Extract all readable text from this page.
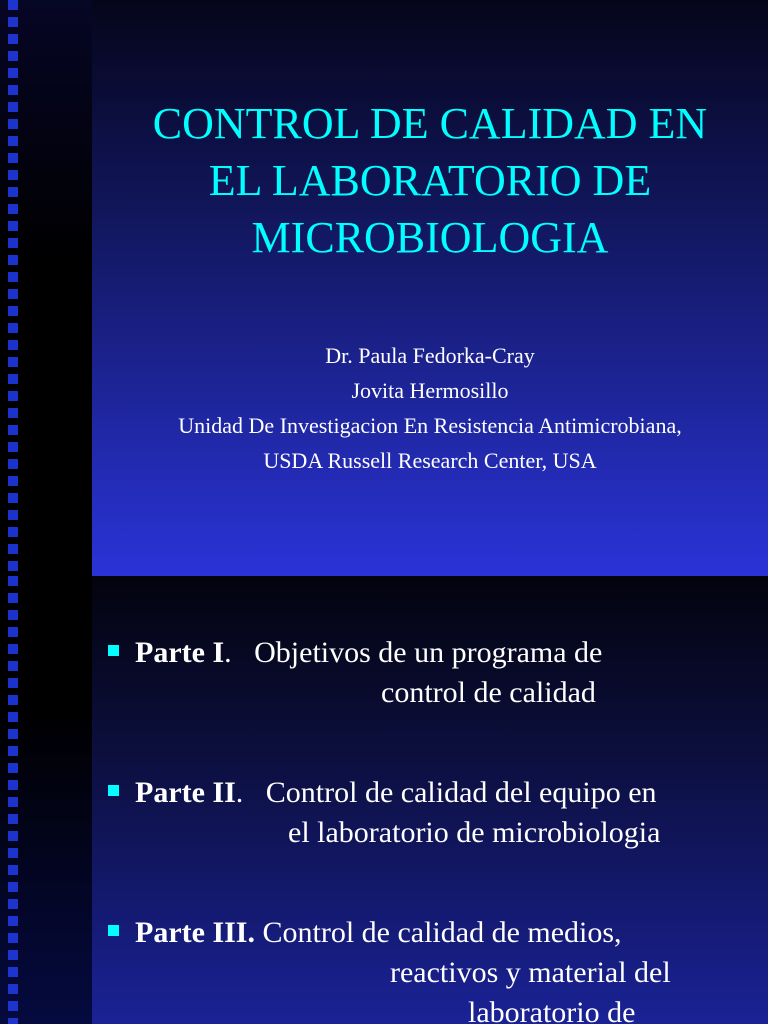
CONTROL DE CALIDAD EN
EL LABORATORIO DE
MICROBIOLOGIA
Dr. Paula Fedorka-Cray
Jovita Hermosillo
Unidad De Investigacion En Resistencia Antimicrobiana,
USDA Russell Research Center, USA
Parte I.   Objetivos de un programa de
control de calidad
Parte II.   Control de calidad del equipo en
el laboratorio de microbiologia
Parte III. Control de calidad de medios,
reactivos y material del
laboratorio de
